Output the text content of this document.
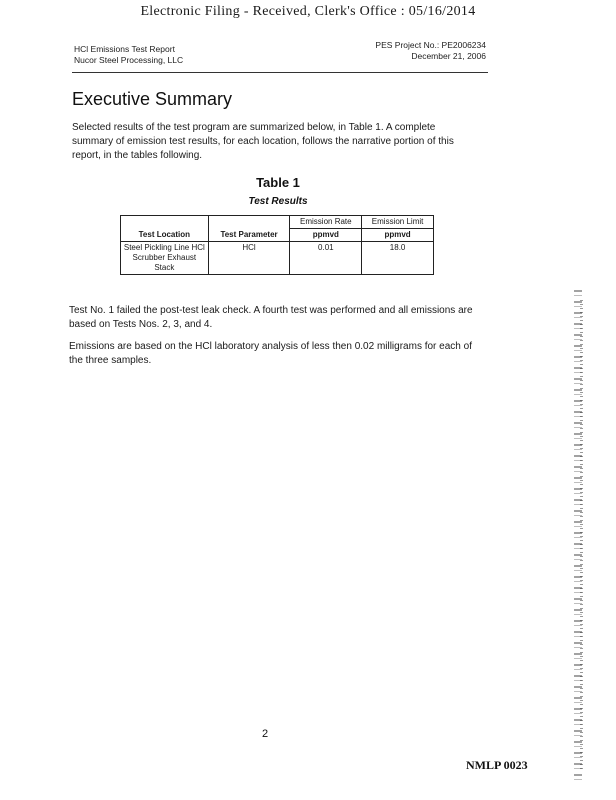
Electronic Filing - Received, Clerk's Office : 05/16/2014
HCl Emissions Test Report
Nucor Steel Processing, LLC
PES Project No.: PE2006234
December 21, 2006
Executive Summary
Selected results of the test program are summarized below, in Table 1. A complete summary of emission test results, for each location, follows the narrative portion of this report, in the tables following.
Table 1
Test Results
Test Location	Test Parameter	Emission Rate	Emission Limit
		ppmvd	ppmvd
Steel Pickling Line HCl Scrubber Exhaust Stack	HCl	0.01	18.0
Test No. 1 failed the post-test leak check. A fourth test was performed and all emissions are based on Tests Nos. 2, 3, and 4.
Emissions are based on the HCl laboratory analysis of less then 0.02 milligrams for each of the three samples.
2
NMLP 0023
